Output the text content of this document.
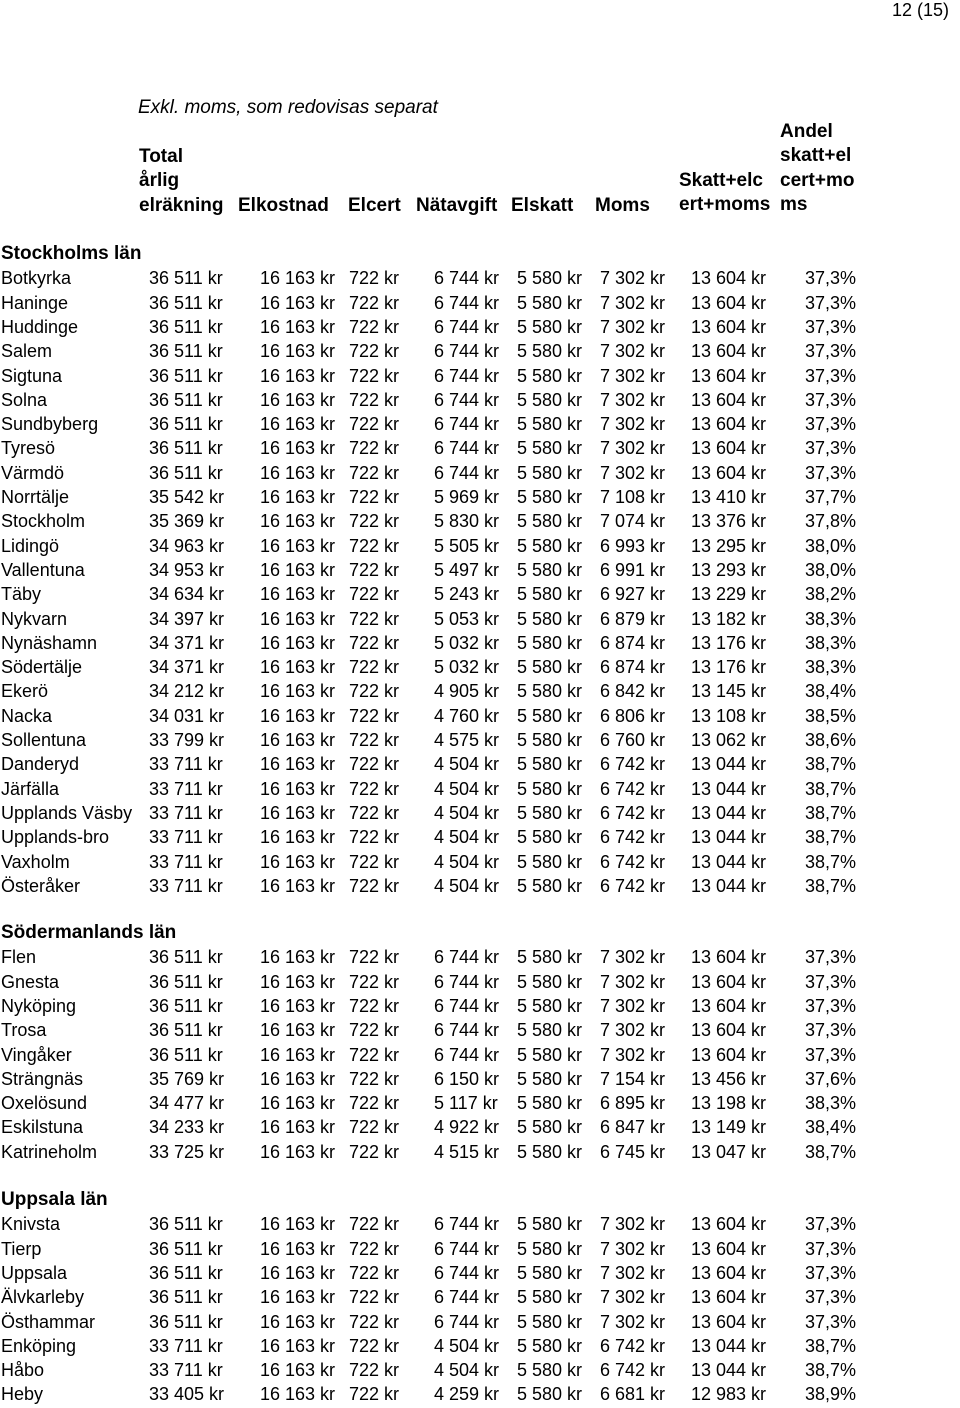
12 (15)
Exkl. moms, som redovisas separat
Total
årlig
elräkning Elkostnad Elcert Nätavgift Elskatt Moms
Skatt+elc
ert+moms
Andel
skatt+el
cert+mo
ms
Stockholms län
Botkyrka	36 511 kr 16 163 kr 722 kr 6 744 kr 5 580 kr 7 302 kr 13 604 kr 37,3%
Haninge	36 511 kr 16 163 kr 722 kr 6 744 kr 5 580 kr 7 302 kr 13 604 kr 37,3%
Huddinge	36 511 kr 16 163 kr 722 kr 6 744 kr 5 580 kr 7 302 kr 13 604 kr 37,3%
Salem	36 511 kr 16 163 kr 722 kr 6 744 kr 5 580 kr 7 302 kr 13 604 kr 37,3%
Sigtuna	36 511 kr 16 163 kr 722 kr 6 744 kr 5 580 kr 7 302 kr 13 604 kr 37,3%
Solna	36 511 kr 16 163 kr 722 kr 6 744 kr 5 580 kr 7 302 kr 13 604 kr 37,3%
Sundbyberg	36 511 kr 16 163 kr 722 kr 6 744 kr 5 580 kr 7 302 kr 13 604 kr 37,3%
Tyresö	36 511 kr 16 163 kr 722 kr 6 744 kr 5 580 kr 7 302 kr 13 604 kr 37,3%
Värmdö	36 511 kr 16 163 kr 722 kr 6 744 kr 5 580 kr 7 302 kr 13 604 kr 37,3%
Norrtälje	35 542 kr 16 163 kr 722 kr 5 969 kr 5 580 kr 7 108 kr 13 410 kr 37,7%
Stockholm	35 369 kr 16 163 kr 722 kr 5 830 kr 5 580 kr 7 074 kr 13 376 kr 37,8%
Lidingö	34 963 kr 16 163 kr 722 kr 5 505 kr 5 580 kr 6 993 kr 13 295 kr 38,0%
Vallentuna	34 953 kr 16 163 kr 722 kr 5 497 kr 5 580 kr 6 991 kr 13 293 kr 38,0%
Täby	34 634 kr 16 163 kr 722 kr 5 243 kr 5 580 kr 6 927 kr 13 229 kr 38,2%
Nykvarn	34 397 kr 16 163 kr 722 kr 5 053 kr 5 580 kr 6 879 kr 13 182 kr 38,3%
Nynäshamn	34 371 kr 16 163 kr 722 kr 5 032 kr 5 580 kr 6 874 kr 13 176 kr 38,3%
Södertälje	34 371 kr 16 163 kr 722 kr 5 032 kr 5 580 kr 6 874 kr 13 176 kr 38,3%
Ekerö	34 212 kr 16 163 kr 722 kr 4 905 kr 5 580 kr 6 842 kr 13 145 kr 38,4%
Nacka	34 031 kr 16 163 kr 722 kr 4 760 kr 5 580 kr 6 806 kr 13 108 kr 38,5%
Sollentuna	33 799 kr 16 163 kr 722 kr 4 575 kr 5 580 kr 6 760 kr 13 062 kr 38,6%
Danderyd	33 711 kr 16 163 kr 722 kr 4 504 kr 5 580 kr 6 742 kr 13 044 kr 38,7%
Järfälla	33 711 kr 16 163 kr 722 kr 4 504 kr 5 580 kr 6 742 kr 13 044 kr 38,7%
Upplands Väsby 33 711 kr 16 163 kr 722 kr 4 504 kr 5 580 kr 6 742 kr 13 044 kr 38,7%
Upplands-bro	33 711 kr 16 163 kr 722 kr 4 504 kr 5 580 kr 6 742 kr 13 044 kr 38,7%
Vaxholm	33 711 kr 16 163 kr 722 kr 4 504 kr 5 580 kr 6 742 kr 13 044 kr 38,7%
Österåker	33 711 kr 16 163 kr 722 kr 4 504 kr 5 580 kr 6 742 kr 13 044 kr 38,7%
Södermanlands län
Flen	36 511 kr 16 163 kr 722 kr 6 744 kr 5 580 kr 7 302 kr 13 604 kr 37,3%
Gnesta	36 511 kr 16 163 kr 722 kr 6 744 kr 5 580 kr 7 302 kr 13 604 kr 37,3%
Nyköping	36 511 kr 16 163 kr 722 kr 6 744 kr 5 580 kr 7 302 kr 13 604 kr 37,3%
Trosa	36 511 kr 16 163 kr 722 kr 6 744 kr 5 580 kr 7 302 kr 13 604 kr 37,3%
Vingåker	36 511 kr 16 163 kr 722 kr 6 744 kr 5 580 kr 7 302 kr 13 604 kr 37,3%
Strängnäs	35 769 kr 16 163 kr 722 kr 6 150 kr 5 580 kr 7 154 kr 13 456 kr 37,6%
Oxelösund	34 477 kr 16 163 kr 722 kr 5 117 kr 5 580 kr 6 895 kr 13 198 kr 38,3%
Eskilstuna	34 233 kr 16 163 kr 722 kr 4 922 kr 5 580 kr 6 847 kr 13 149 kr 38,4%
Katrineholm	33 725 kr 16 163 kr 722 kr 4 515 kr 5 580 kr 6 745 kr 13 047 kr 38,7%
Uppsala län
Knivsta	36 511 kr 16 163 kr 722 kr 6 744 kr 5 580 kr 7 302 kr 13 604 kr 37,3%
Tierp	36 511 kr 16 163 kr 722 kr 6 744 kr 5 580 kr 7 302 kr 13 604 kr 37,3%
Uppsala	36 511 kr 16 163 kr 722 kr 6 744 kr 5 580 kr 7 302 kr 13 604 kr 37,3%
Älvkarleby	36 511 kr 16 163 kr 722 kr 6 744 kr 5 580 kr 7 302 kr 13 604 kr 37,3%
Östhammar	36 511 kr 16 163 kr 722 kr 6 744 kr 5 580 kr 7 302 kr 13 604 kr 37,3%
Enköping	33 711 kr 16 163 kr 722 kr 4 504 kr 5 580 kr 6 742 kr 13 044 kr 38,7%
Håbo	33 711 kr 16 163 kr 722 kr 4 504 kr 5 580 kr 6 742 kr 13 044 kr 38,7%
Heby	33 405 kr 16 163 kr 722 kr 4 259 kr 5 580 kr 6 681 kr 12 983 kr 38,9%
